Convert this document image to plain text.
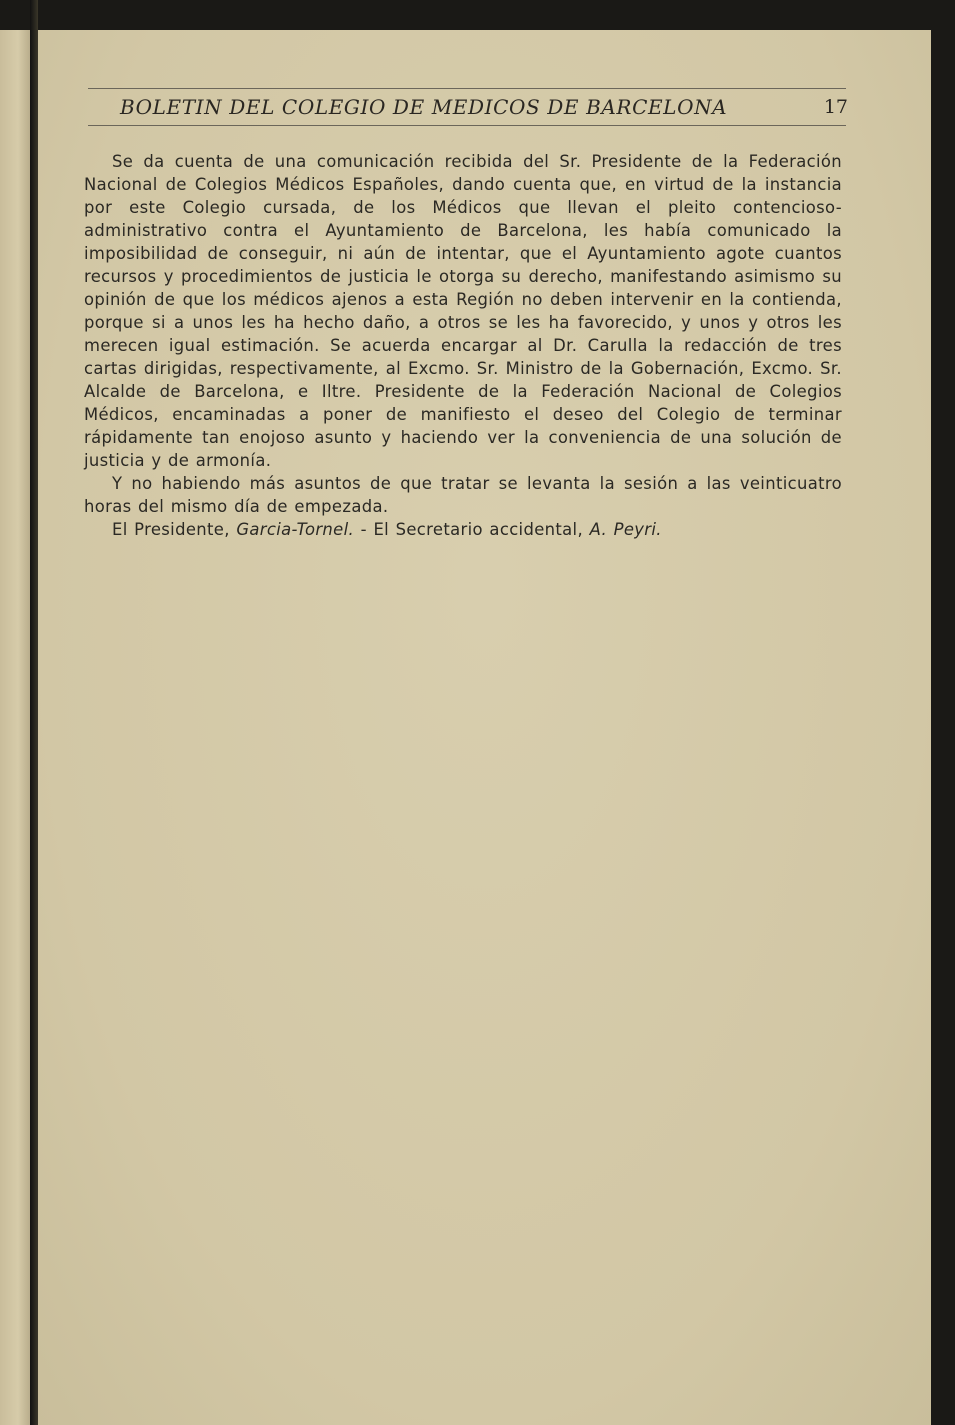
BOLETIN DEL COLEGIO DE MEDICOS DE BARCELONA	17

Se da cuenta de una comunicación recibida del Sr. Presidente de la Federación Nacional de Colegios Médicos Españoles, dando cuenta que, en virtud de la instancia por este Colegio cursada, de los Médicos que llevan el pleito contencioso-administrativo contra el Ayuntamiento de Barcelona, les había comunicado la imposibilidad de conseguir, ni aún de intentar, que el Ayuntamiento agote cuantos recursos y procedimientos de justicia le otorga su derecho, manifestando asimismo su opinión de que los médicos ajenos a esta Región no deben intervenir en la contienda, porque si a unos les ha hecho daño, a otros se les ha favorecido, y unos y otros les merecen igual estimación. Se acuerda encargar al Dr. Carulla la redacción de tres cartas dirigidas, respectivamente, al Excmo. Sr. Ministro de la Gobernación, Excmo. Sr. Alcalde de Barcelona, e Iltre. Presidente de la Federación Nacional de Colegios Médicos, encaminadas a poner de manifiesto el deseo del Colegio de terminar rápidamente tan enojoso asunto y haciendo ver la conveniencia de una solución de justicia y de armonía.

Y no habiendo más asuntos de que tratar se levanta la sesión a las veinticuatro horas del mismo día de empezada.

El Presidente, Garcia-Tornel. - El Secretario accidental, A. Peyri.
